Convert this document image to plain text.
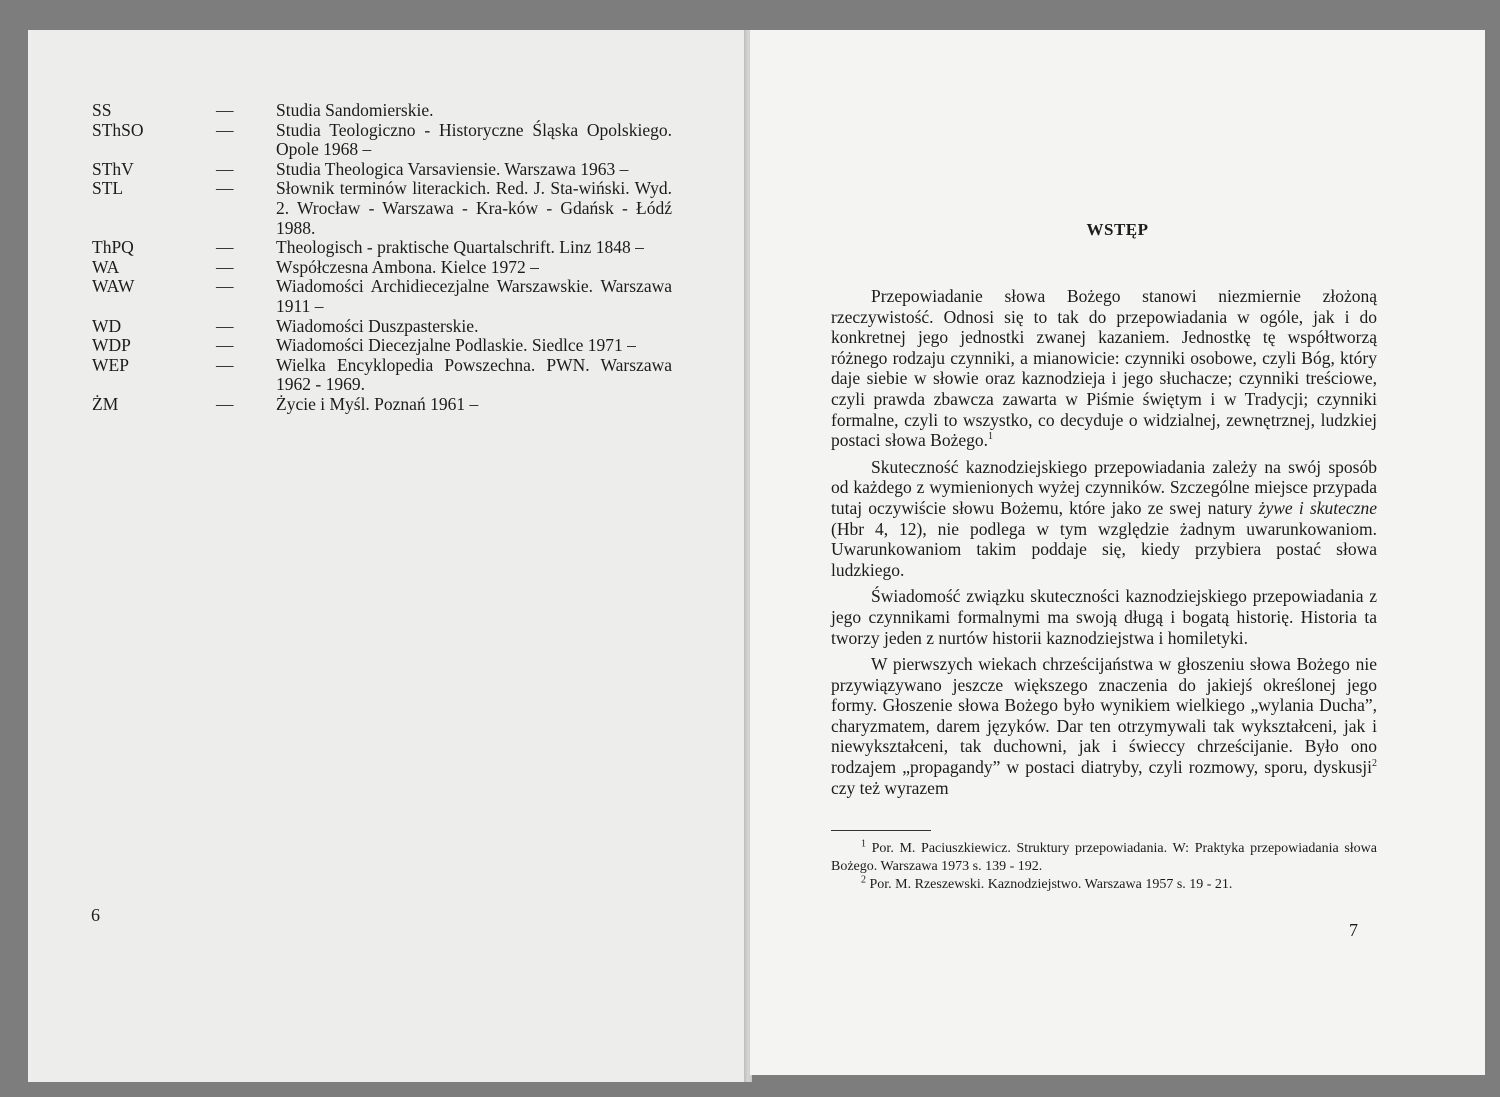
WSTĘP

Przepowiadanie słowa Bożego stanowi niezmiernie złożoną rzeczywistość. Odnosi się to tak do przepowiadania w ogóle, jak i do konkretnej jego jednostki zwanej kazaniem. Jednostkę tę współtworzą różnego rodzaju czynniki, a mianowicie: czynniki osobowe, czyli Bóg, który daje siebie w słowie oraz kaznodzieja i jego słuchacze; czynniki treściowe, czyli prawda zbawcza zawarta w Piśmie świętym i w Tradycji; czynniki formalne, czyli to wszystko, co decyduje o widzialnej, zewnętrznej, ludzkiej postaci słowa Bożego.$^1$

Skuteczność kaznodziejskiego przepowiadania zależy na swój sposób od każdego z wymienionych wyżej czynników. Szczególne miejsce przypada tutaj oczywiście słowu Bożemu, które jako ze swej natury żywe i skuteczne (Hbr 4, 12), nie podlega w tym względzie żadnym uwarunkowaniom. Uwarunkowaniom takim poddaje się, kiedy przybiera postać słowa ludzkiego.

Świadomość związku skuteczności kaznodziejskiego przepowiadania z jego czynnikami formalnymi ma swoją długą i bogatą historię. Historia ta tworzy jeden z nurtów historii kaznodziejstwa i homiletyki.

W pierwszych wiekach chrześcijaństwa w głoszeniu słowa Bożego nie przywiązywano jeszcze większego znaczenia do jakiejś określonej jego formy. Głoszenie słowa Bożego było wynikiem wielkiego „wylania Ducha”, charyzmatem, darem języków. Dar ten otrzymywali tak wykształceni, jak i niewykształceni, tak duchowni, jak i świeccy chrześcijanie. Było ono rodzajem „propagandy” w postaci diatryby, czyli rozmowy, sporu, dyskusji$^2$ czy też wyrazem

$^1$ Por. M. Paciuszkiewicz. Struktury przepowiadania. W: Praktyka przepowiadania słowa Bożego. Warszawa 1973 s. 139 - 192.

$^2$ Por. M. Rzeszewski. Kaznodziejstwo. Warszawa 1957 s. 19 - 21.

7
SS	—	Studia Sandomierskie.
SThSO	—	Studia Teologiczno - Historyczne Śląska Opolskiego. Opole 1968 –
SThV	—	Studia Theologica Varsaviensie. Warszawa 1963 –
STL	—	Słownik terminów literackich. Red. J. Sta-wiński. Wyd. 2. Wrocław - Warszawa - Kra-ków - Gdańsk - Łódź 1988.
ThPQ	—	Theologisch - praktische Quartalschrift. Linz 1848 –
WA	—	Współczesna Ambona. Kielce 1972 –
WAW	—	Wiadomości Archidiecezjalne Warszawskie. Warszawa 1911 –
WD	—	Wiadomości Duszpasterskie.
WDP	—	Wiadomości Diecezjalne Podlaskie. Siedlce 1971 –
WEP	—	Wielka Encyklopedia Powszechna. PWN. Warszawa 1962 - 1969.
ŻM	—	Życie i Myśl. Poznań 1961 –
6
